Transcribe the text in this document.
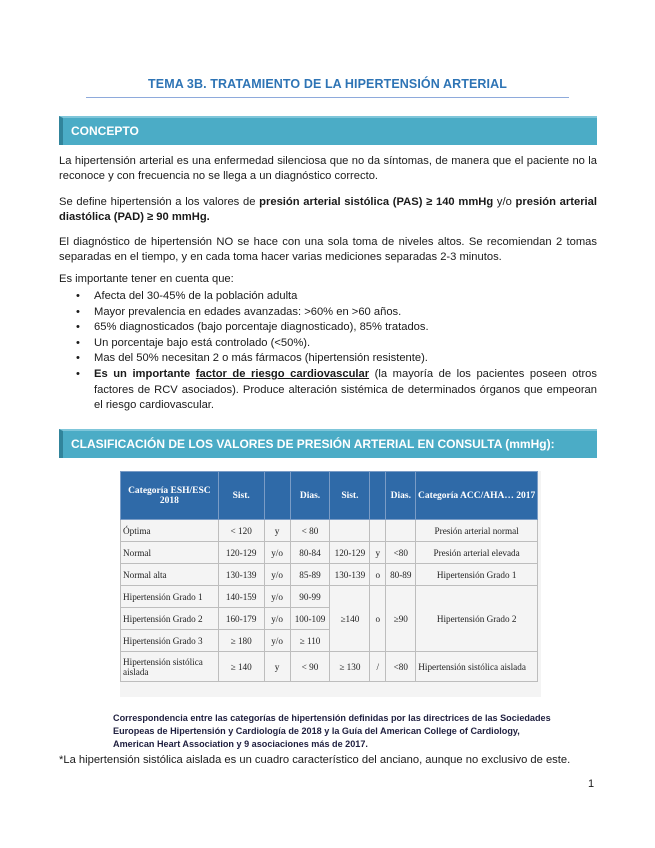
TEMA 3B. TRATAMIENTO DE LA HIPERTENSIÓN ARTERIAL
CONCEPTO
La hipertensión arterial es una enfermedad silenciosa que no da síntomas, de manera que el paciente no la reconoce y con frecuencia no se llega a un diagnóstico correcto.
Se define hipertensión a los valores de presión arterial sistólica (PAS) ≥ 140 mmHg y/o presión arterial diastólica (PAD) ≥ 90 mmHg.
El diagnóstico de hipertensión NO se hace con una sola toma de niveles altos. Se recomiendan 2 tomas separadas en el tiempo, y en cada toma hacer varias mediciones separadas 2-3 minutos.
Es importante tener en cuenta que:
• Afecta del 30-45% de la población adulta
• Mayor prevalencia en edades avanzadas: >60% en >60 años.
• 65% diagnosticados (bajo porcentaje diagnosticado), 85% tratados.
• Un porcentaje bajo está controlado (<50%).
• Mas del 50% necesitan 2 o más fármacos (hipertensión resistente).
• Es un importante factor de riesgo cardiovascular (la mayoría de los pacientes poseen otros factores de RCV asociados). Produce alteración sistémica de determinados órganos que empeoran el riesgo cardiovascular.
CLASIFICACIÓN DE LOS VALORES DE PRESIÓN ARTERIAL EN CONSULTA (mmHg):
Categoría ESH/ESC 2018	Sist.		Dias.	Sist.		Dias.	Categoría ACC/AHA… 2017
Óptima	< 120	y	< 80				Presión arterial normal
Normal	120-129	y/o	80-84	120-129	y	<80	Presión arterial elevada
Normal alta	130-139	y/o	85-89	130-139	o	80-89	Hipertensión Grado 1
Hipertensión Grado 1	140-159	y/o	90-99	≥140	o	≥90	Hipertensión Grado 2
Hipertensión Grado 2	160-179	y/o	100-109				
Hipertensión Grado 3	≥ 180	y/o	≥ 110				
Hipertensión sistólica aislada	≥ 140	y	< 90	≥ 130	/	<80	Hipertensión sistólica aislada
Correspondencia entre las categorías de hipertensión definidas por las directrices de las Sociedades Europeas de Hipertensión y Cardiología de 2018 y la Guía del American College of Cardiology, American Heart Association y 9 asociaciones más de 2017.
*La hipertensión sistólica aislada es un cuadro característico del anciano, aunque no exclusivo de este.
1
